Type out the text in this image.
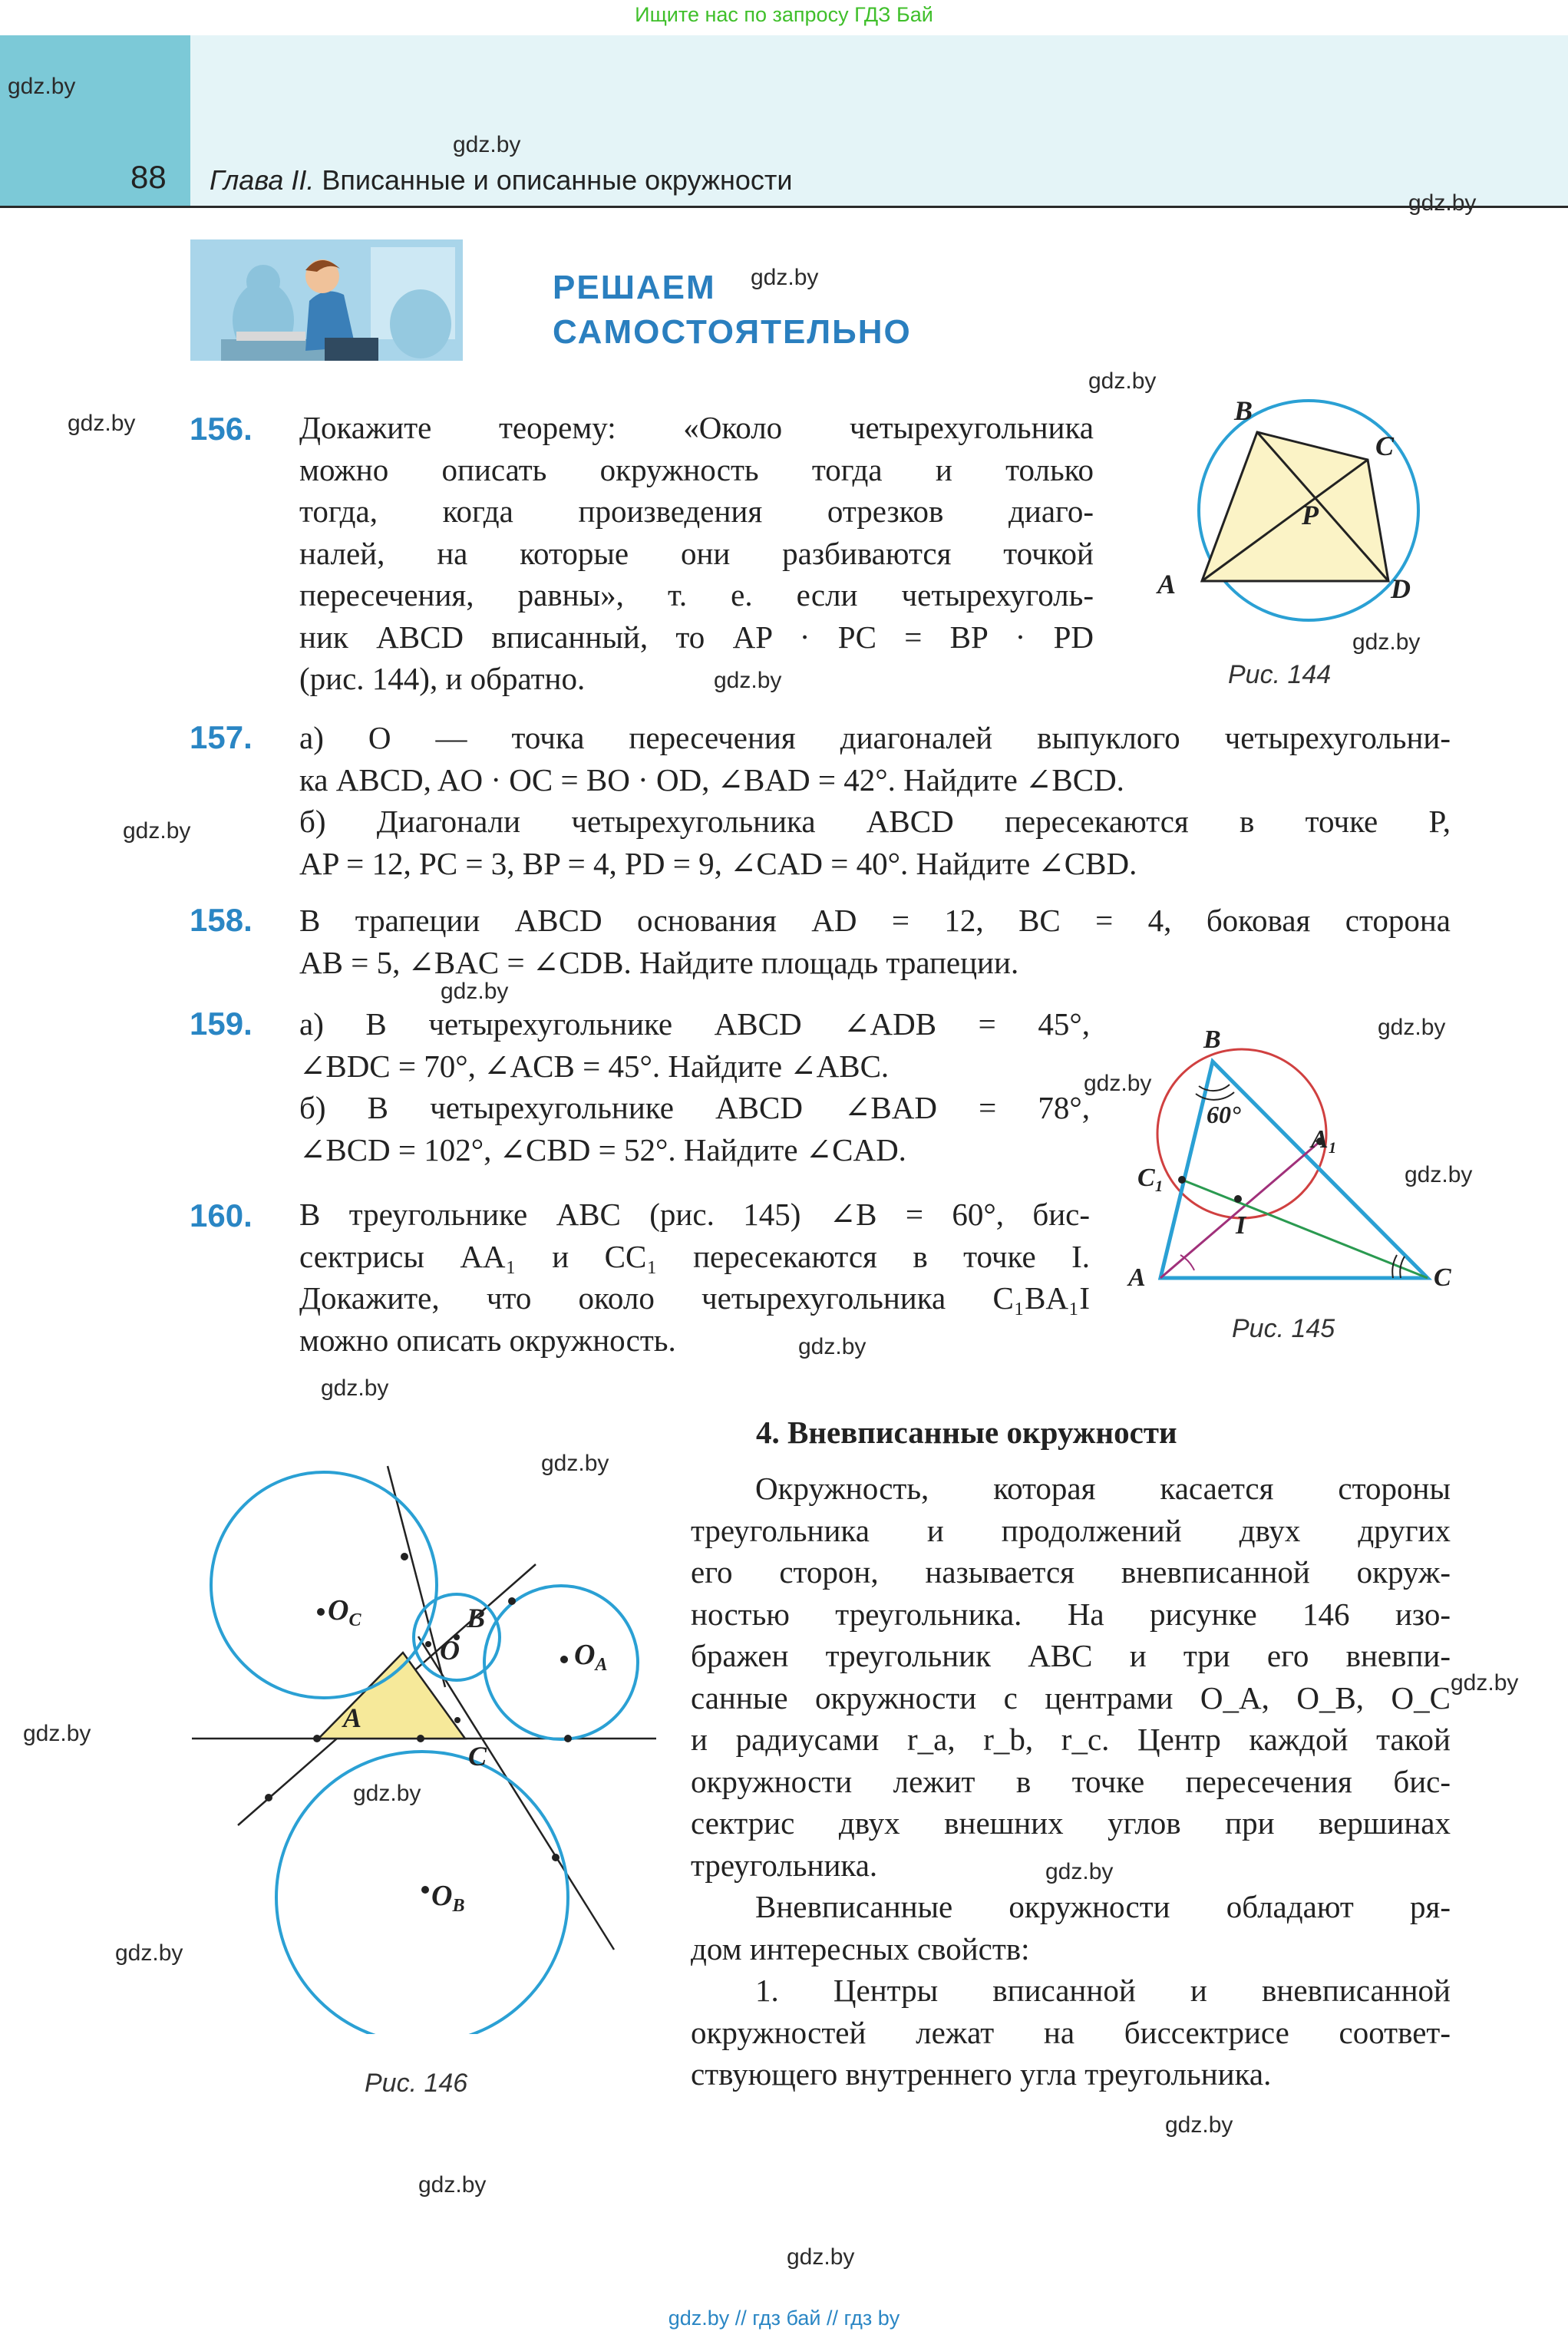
Ищите нас по запросу ГДЗ Бай
88 Глава II. Вписанные и описанные окружности
РЕШАЕМ
САМОСТОЯТЕЛЬНО
156. Докажите теорему: «Около четырехугольника
можно описать окружность тогда и только
тогда, когда произведения отрезков диаго-
налей, на которые они разбиваются точкой
пересечения, равны», т. е. если четырехуголь-
ник ABCD вписанный, то AP · PC = BP · PD
(рис. 144), и обратно.
B
C
P
A	D
Рис. 144
157. а) O — точка пересечения диагоналей выпуклого четырехугольни-
ка ABCD, AO · OC = BO · OD, ∠BAD = 42°. Найдите ∠BCD.
б) Диагонали четырехугольника ABCD пересекаются в точке P,
AP = 12, PC = 3, BP = 4, PD = 9, ∠CAD = 40°. Найдите ∠CBD.
158. В трапеции ABCD основания AD = 12, BC = 4, боковая сторона
AB = 5, ∠BAC = ∠CDB. Найдите площадь трапеции.
159. а) В четырехугольнике ABCD ∠ADB = 45°,
∠BDC = 70°, ∠ACB = 45°. Найдите ∠ABC.
б) В четырехугольнике ABCD ∠BAD = 78°,
∠BCD = 102°, ∠CBD = 52°. Найдите ∠CAD.
160. В треугольнике ABC (рис. 145) ∠B = 60°, бис-
сектрисы AA₁ и CC₁ пересекаются в точке I.
Докажите, что около четырехугольника C₁BA₁I
можно описать окружность.
B
60°
A₁
C₁
I
A	C
Рис. 145
4. Вневписанные окружности
Окружность, которая касается стороны
треугольника и продолжений двух других
его сторон, называется вневписанной окруж-
ностью треугольника. На рисунке 146 изо-
бражен треугольник ABC и три его вневпи-
санные окружности с центрами O_A, O_B, O_C
и радиусами r_a, r_b, r_c. Центр каждой такой
окружности лежит в точке пересечения бис-
сектрис двух внешних углов при вершинах
треугольника.
Вневписанные окружности обладают ря-
дом интересных свойств:
1. Центры вписанной и вневписанной
окружностей лежат на биссектрисе соответ-
ствующего внутреннего угла треугольника.
$O_C$	B
$O_A$
O
A
C
$O_B$
Рис. 146
gdz.by
gdz.by
gdz.by
gdz.by
gdz.by
gdz.by
gdz.by
gdz.by
gdz.by
gdz.by
gdz.by
gdz.by
gdz.by
gdz.by
gdz.by
gdz.by
gdz.by
gdz.by
gdz.by
gdz.by
gdz.by
gdz.by
gdz.by
gdz.by
gdz.by // гдз бай // гдз by
